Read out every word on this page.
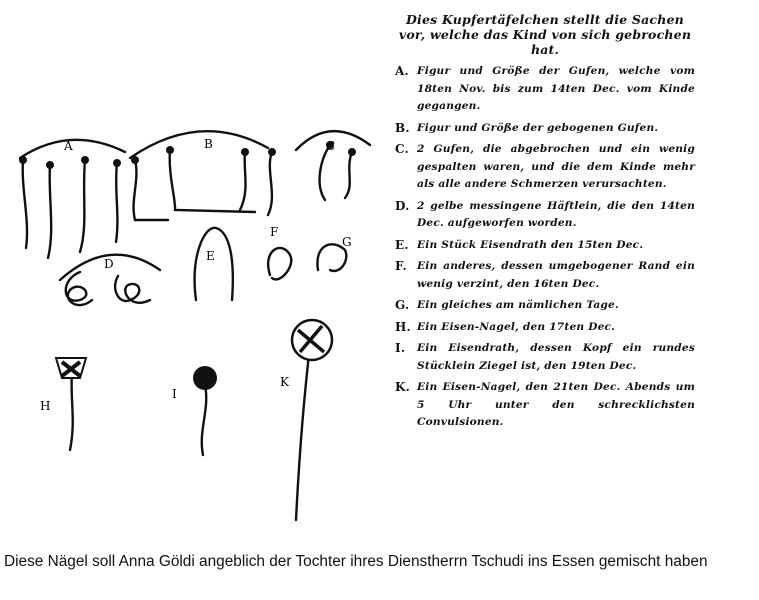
A	B	C
D
E
F
G
H
I
K
Dies Kupfertäfelchen stellt die Sachen vor, welche das Kind von sich gebrochen hat.
A. Figur und Größe der Gufen, welche vom 18ten Nov. bis zum 14ten Dec. vom Kinde gegangen.
B. Figur und Größe der gebogenen Gufen.
C. 2 Gufen, die abgebrochen und ein wenig gespalten waren, und die dem Kinde mehr als alle andere Schmerzen verursachten.
D. 2 gelbe messingene Häftlein, die den 14ten Dec. aufgeworfen worden.
E. Ein Stück Eisendrath den 15ten Dec.
F. Ein anderes, dessen umgebogener Rand ein wenig verzint, den 16ten Dec.
G. Ein gleiches am nämlichen Tage.
H. Ein Eisen-Nagel, den 17ten Dec.
I.	Ein Eisendrath, dessen Kopf ein rundes Stücklein Ziegel ist, den 19ten Dec.
K. Ein Eisen-Nagel, den 21ten Dec. Abends um 5 Uhr unter den schrecklichsten Convulsionen.
Diese Nägel soll Anna Göldi angeblich der Tochter ihres Dienstherrn Tschudi ins Essen gemischt haben
